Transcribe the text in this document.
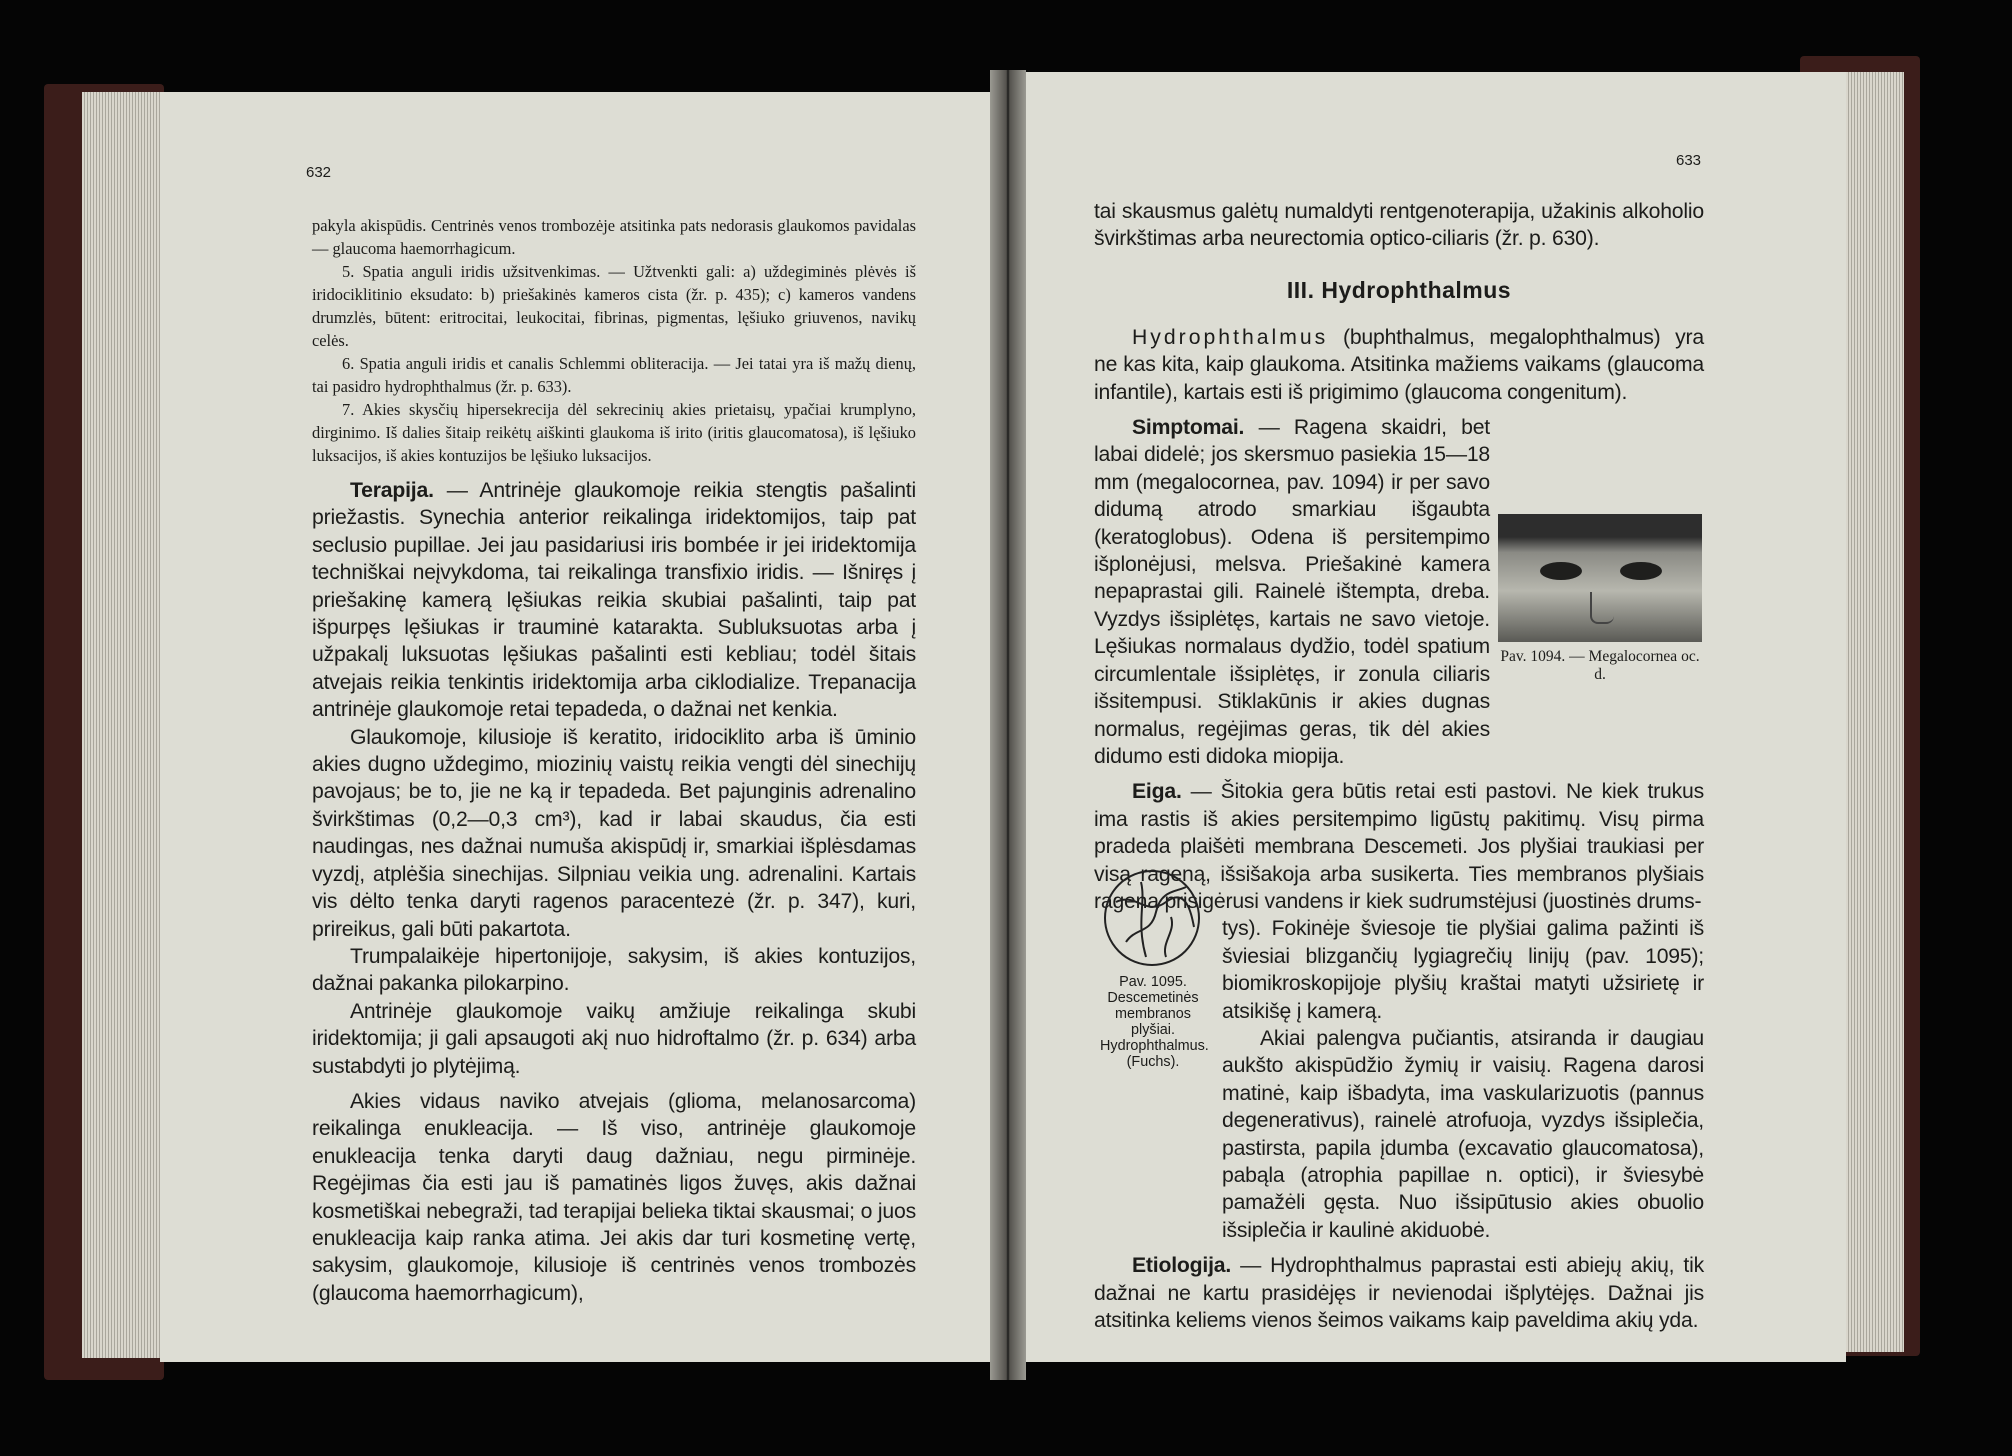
632
633

pakyla akispūdis. Centrinės venos trombozėje atsitinka pats nedorasis glaukomos pavidalas — glaucoma haemorrhagicum.

5. Spatia anguli iridis užsitvenkimas. — Užtvenkti gali: a) uždegiminės plėvės iš iridociklitinio eksudato: b) priešakinės kameros cista (žr. p. 435); c) kameros vandens drumzlės, būtent: eritrocitai, leukocitai, fibrinas, pigmentas, lęšiuko griuvenos, navikų celės.

6. Spatia anguli iridis et canalis Schlemmi obliteracija. — Jei tatai yra iš mažų dienų, tai pasidro hydrophthalmus (žr. p. 633).

7. Akies skysčių hipersekrecija dėl sekrecinių akies prietaisų, ypačiai krumplyno, dirginimo. Iš dalies šitaip reikėtų aiškinti glaukoma iš irito (iritis glaucomatosa), iš lęšiuko luksacijos, iš akies kontuzijos be lęšiuko luksacijos.

Terapija. — Antrinėje glaukomoje reikia stengtis pašalinti priežastis. Synechia anterior reikalinga iridektomijos, taip pat seclusio pupillae. Jei jau pasidariusi iris bombée ir jei iridektomija techniškai neįvykdoma, tai reikalinga transfixio iridis. — Išniręs į priešakinę kamerą lęšiukas reikia skubiai pašalinti, taip pat išpurpęs lęšiukas ir trauminė katarakta. Subluksuotas arba į užpakalį luksuotas lęšiukas pašalinti esti kebliau; todėl šitais atvejais reikia tenkintis iridektomija arba ciklodialize. Trepanacija antrinėje glaukomoje retai tepadeda, o dažnai net kenkia.

Glaukomoje, kilusioje iš keratito, iridociklito arba iš ūminio akies dugno uždegimo, miozinių vaistų reikia vengti dėl sinechijų pavojaus; be to, jie ne ką ir tepadeda. Bet pajunginis adrenalino švirkštimas (0,2—0,3 cm³), kad ir labai skaudus, čia esti naudingas, nes dažnai numuša akispūdį ir, smarkiai išplėsdamas vyzdį, atplėšia sinechijas. Silpniau veikia ung. adrenalini. Kartais vis dėlto tenka daryti ragenos paracentezė (žr. p. 347), kuri, prireikus, gali būti pakartota.

Trumpalaikėje hipertonijoje, sakysim, iš akies kontuzijos, dažnai pakanka pilokarpino.

Antrinėje glaukomoje vaikų amžiuje reikalinga skubi iridektomija; ji gali apsaugoti akį nuo hidroftalmo (žr. p. 634) arba sustabdyti jo plytėjimą.

Akies vidaus naviko atvejais (glioma, melanosarcoma) reikalinga enukleacija. — Iš viso, antrinėje glaukomoje enukleacija tenka daryti daug dažniau, negu pirminėje. Regėjimas čia esti jau iš pamatinės ligos žuvęs, akis dažnai kosmetiškai nebegraži, tad terapijai belieka tiktai skausmai; o juos enukleacija kaip ranka atima. Jei akis dar turi kosmetinę vertę, sakysim, glaukomoje, kilusioje iš centrinės venos trombozės (glaucoma haemorrhagicum),

tai skausmus galėtų numaldyti rentgenoterapija, užakinis alkoholio švirkštimas arba neurectomia optico-ciliaris (žr. p. 630).

III. Hydrophthalmus

Hydrophthalmus (buphthalmus, megalophthalmus) yra ne kas kita, kaip glaukoma. Atsitinka mažiems vaikams (glaucoma infantile), kartais esti iš prigimimo (glaucoma congenitum).

Simptomai. — Ragena skaidri, bet labai didelė; jos skersmuo pasiekia 15—18 mm (megalocornea, pav. 1094) ir per savo didumą atrodo smarkiau išgaubta (keratoglobus). Odena iš persitempimo išplonėjusi, melsva. Priešakinė kamera nepaprastai gili. Rainelė ištempta, dreba. Vyzdys išsiplėtęs, kartais ne savo vietoje. Lęšiukas normalaus dydžio, todėl spatium circumlentale išsiplėtęs, ir zonula ciliaris išsitempusi. Stiklakūnis ir akies dugnas normalus, regėjimas geras, tik dėl akies didumo esti didoka miopija.

Eiga. — Šitokia gera būtis retai esti pastovi. Ne kiek trukus ima rastis iš akies persitempimo ligūstų pakitimų. Visų pirma pradeda plaišėti membrana Descemeti. Jos plyšiai traukiasi per visą rageną, išsišakoja arba susikerta. Ties membranos plyšiais ragena prisigėrusi vandens ir kiek sudrumstėjusi (juostinės drums-

tys). Fokinėje šviesoje tie plyšiai galima pažinti iš šviesiai blizgančių lygiagrečių linijų (pav. 1095); biomikroskopijoje plyšių kraštai matyti užsirietę ir atsikišę į kamerą.

Akiai palengva pučiantis, atsiranda ir daugiau aukšto akispūdžio žymių ir vaisių. Ragena darosi matinė, kaip išbadyta, ima vaskularizuotis (pannus degenerativus), rainelė atrofuoja, vyzdys išsiplečia, pastirsta, papila įdumba (excavatio glaucomatosa), pabąla (atrophia papillae n. optici), ir šviesybė pamažėli gęsta. Nuo išsipūtusio akies obuolio išsiplečia ir kaulinė akiduobė.

Etiologija. — Hydrophthalmus paprastai esti abiejų akių, tik dažnai ne kartu prasidėjęs ir nevienodai išplytėjęs. Dažnai jis atsitinka keliems vienos šeimos vaikams kaip paveldima akių yda.

Pav. 1094. — Megalocornea oc. d.
Pav. 1095. Descemetinės membranos plyšiai. Hydrophthalmus.(Fuchs).
